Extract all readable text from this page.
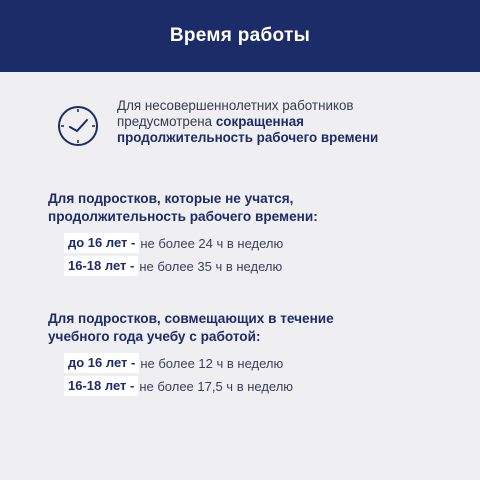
Время работы
Для несовершеннолетних работников
предусмотрена сокращенная
продолжительность рабочего времени
Для подростков, которые не учатся,
продолжительность рабочего времени:
до 16 лет - не более 24 ч в неделю
16-18 лет - не более 35 ч в неделю
Для подростков, совмещающих в течение
учебного года учебу с работой:
до 16 лет - не более 12 ч в неделю
16-18 лет - не более 17,5 ч в неделю
